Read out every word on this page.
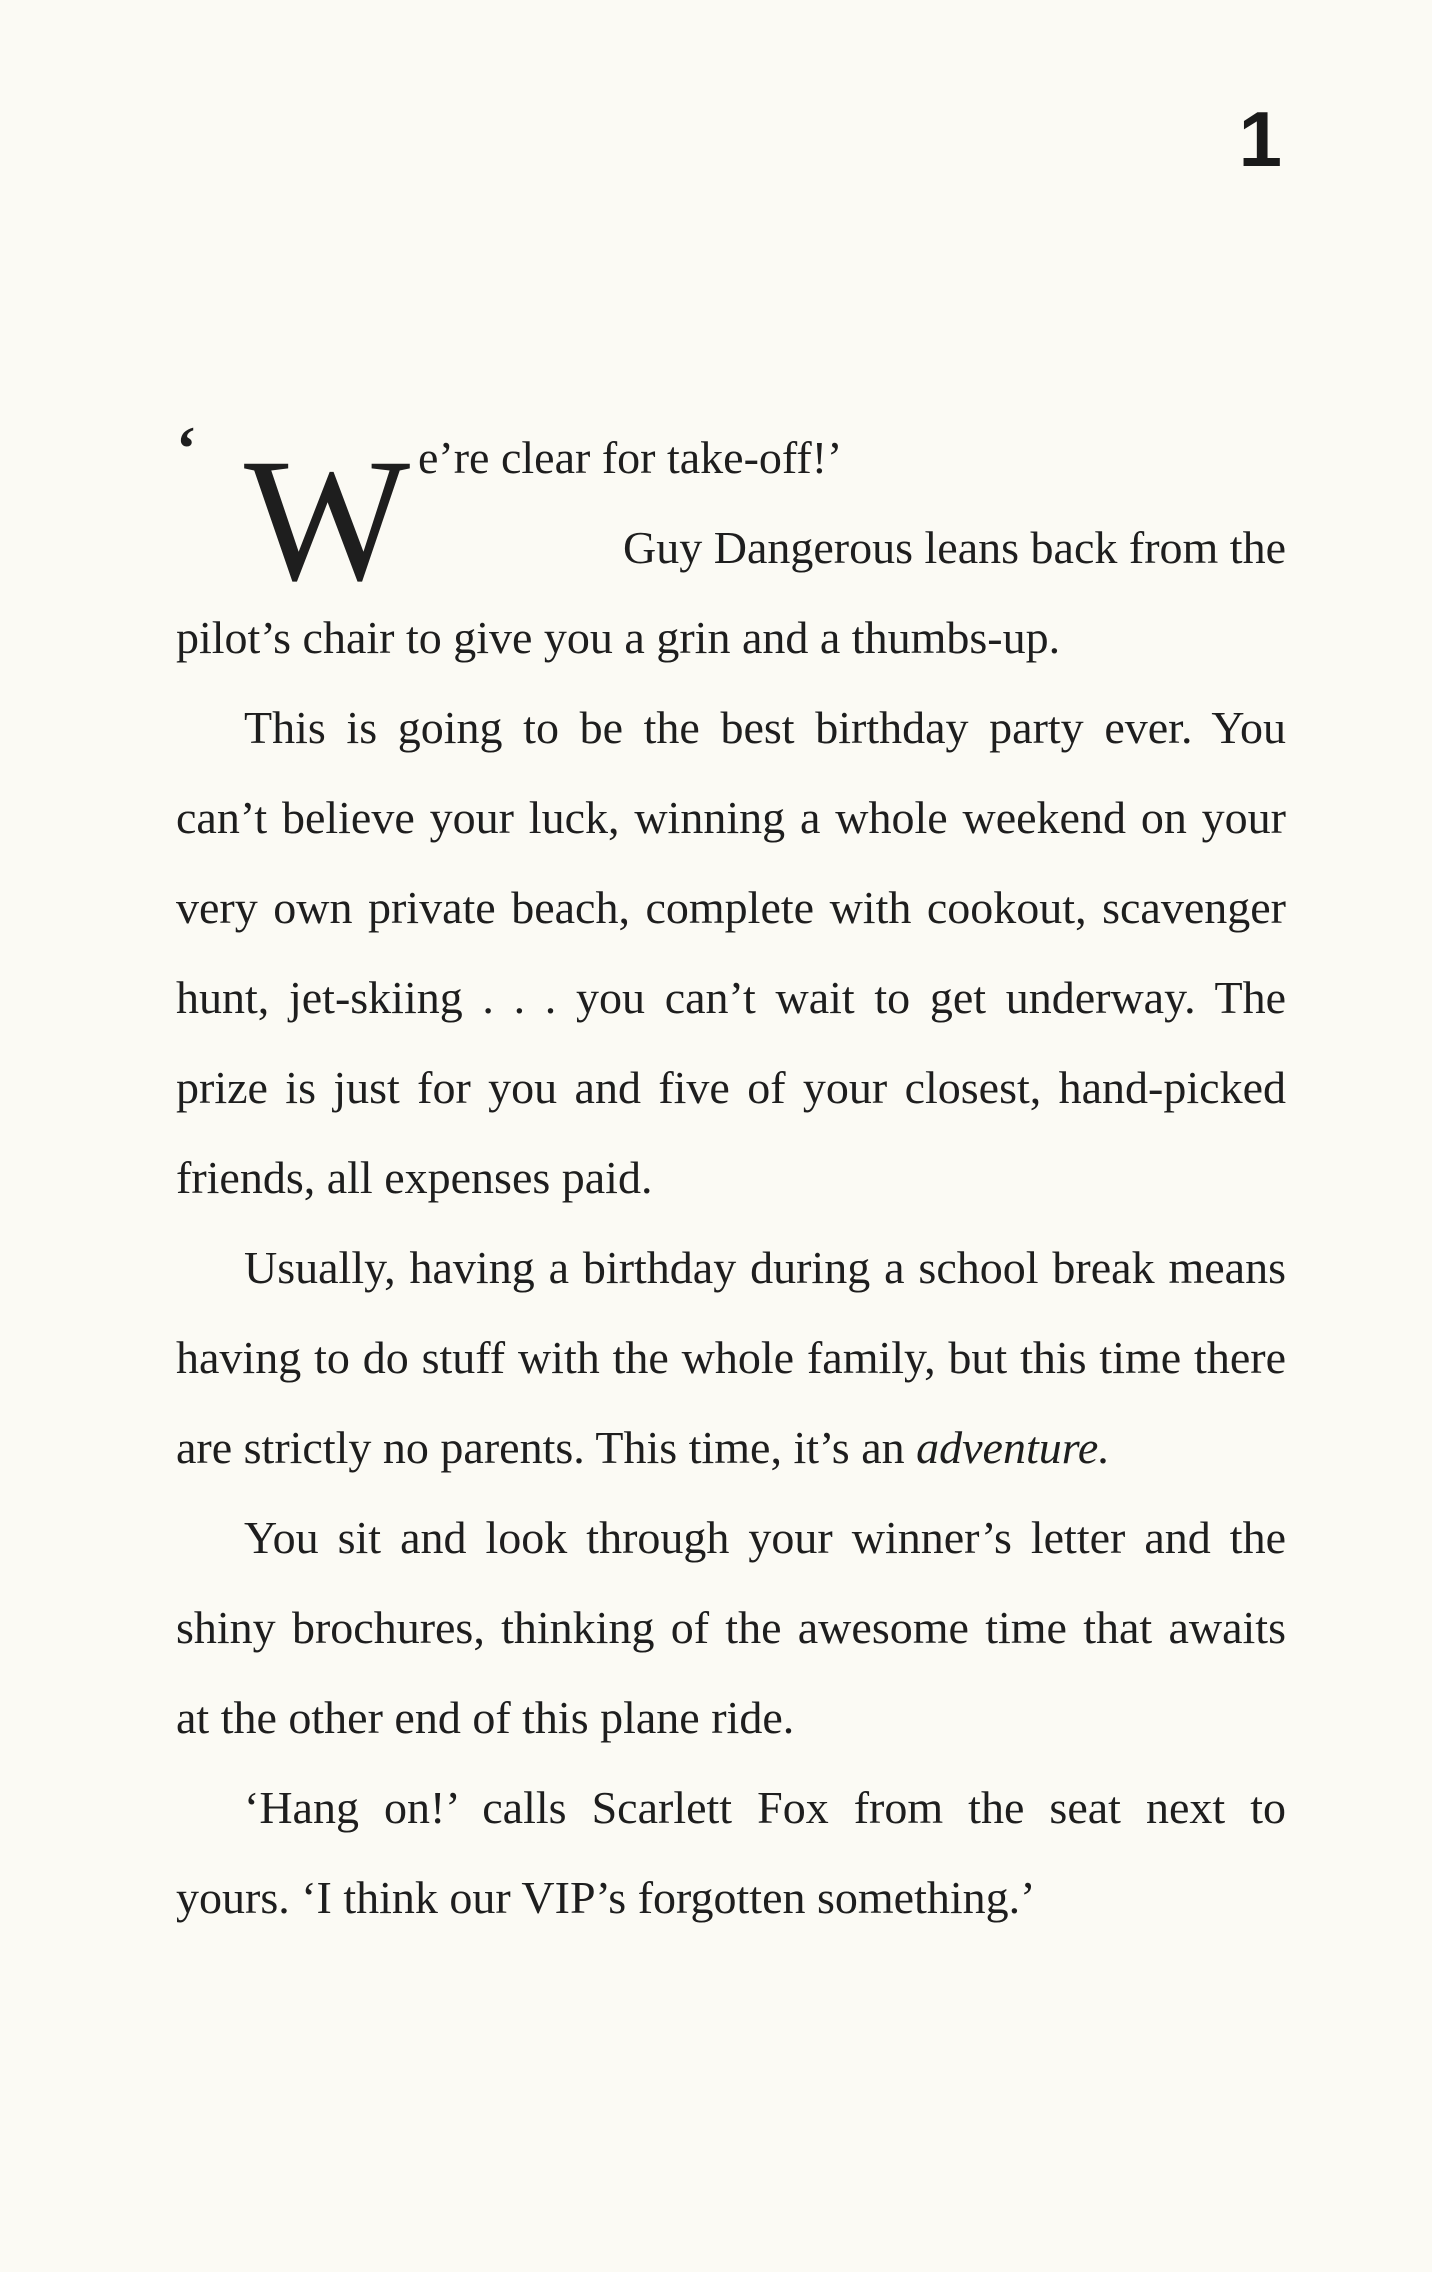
1
‘ W e’re clear for take-off!’
Guy Dangerous leans back from the
pilot’s chair to give you a grin and a thumbs-up.

This is going to be the best birthday party ever. You can’t believe your luck, winning a whole weekend on your very own private beach, complete with cookout, scavenger hunt, jet-skiing . . . you can’t wait to get underway. The prize is just for you and five of your closest, hand-picked friends, all expenses paid.

Usually, having a birthday during a school break means having to do stuff with the whole family, but this time there are strictly no parents. This time, it’s an adventure.

You sit and look through your winner’s letter and the shiny brochures, thinking of the awesome time that awaits at the other end of this plane ride.

‘Hang on!’ calls Scarlett Fox from the seat next to yours. ‘I think our VIP’s forgotten something.’
